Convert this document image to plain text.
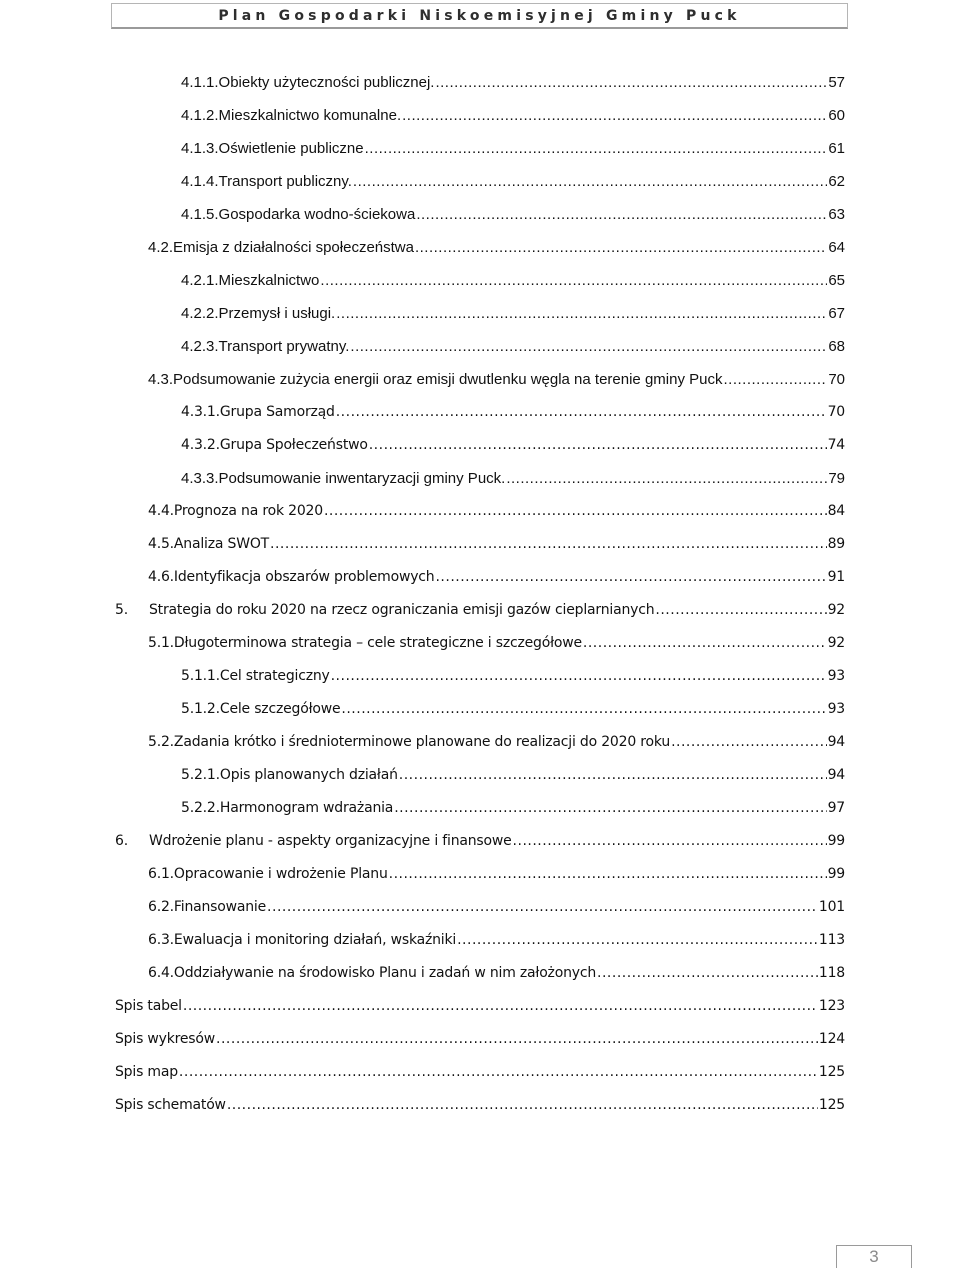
Plan Gospodarki Niskoemisyjnej Gminy Puck
4.1.1. Obiekty użyteczności publicznej. .....	57
4.1.2. Mieszkalnictwo komunalne. .....	60
4.1.3. Oświetlenie publiczne .....	61
4.1.4. Transport publiczny. .....	62
4.1.5. Gospodarka wodno-ściekowa .....	63
4.2. Emisja z działalności społeczeństwa .....	64
4.2.1. Mieszkalnictwo .....	65
4.2.2. Przemysł i usługi. .....	67
4.2.3. Transport prywatny. .....	68
4.3. Podsumowanie zużycia energii oraz emisji dwutlenku węgla na terenie gminy Puck .....	70
4.3.1. Grupa Samorząd .....	70
4.3.2. Grupa Społeczeństwo .....	74
4.3.3. Podsumowanie inwentaryzacji gminy Puck. .....	79
4.4. Prognoza na rok 2020 .....	84
4.5. Analiza SWOT .....	89
4.6. Identyfikacja obszarów problemowych .....	91
5.	Strategia do roku 2020 na rzecz ograniczania emisji gazów cieplarnianych .....	92
5.1. Długoterminowa strategia – cele strategiczne i szczegółowe .....	92
5.1.1. Cel strategiczny .....	93
5.1.2. Cele szczegółowe .....	93
5.2. Zadania krótko i średnioterminowe planowane do realizacji do 2020 roku .....	94
5.2.1. Opis planowanych działań .....	94
5.2.2. Harmonogram wdrażania .....	97
6.	Wdrożenie planu - aspekty organizacyjne i finansowe .....	99
6.1. Opracowanie i wdrożenie Planu .....	99
6.2. Finansowanie .....	101
6.3. Ewaluacja i monitoring działań, wskaźniki .....	113
6.4. Oddziaływanie na środowisko Planu i zadań w nim założonych .....	118
Spis tabel .....	123
Spis wykresów .....	124
Spis map .....	125
Spis schematów .....	125
3
